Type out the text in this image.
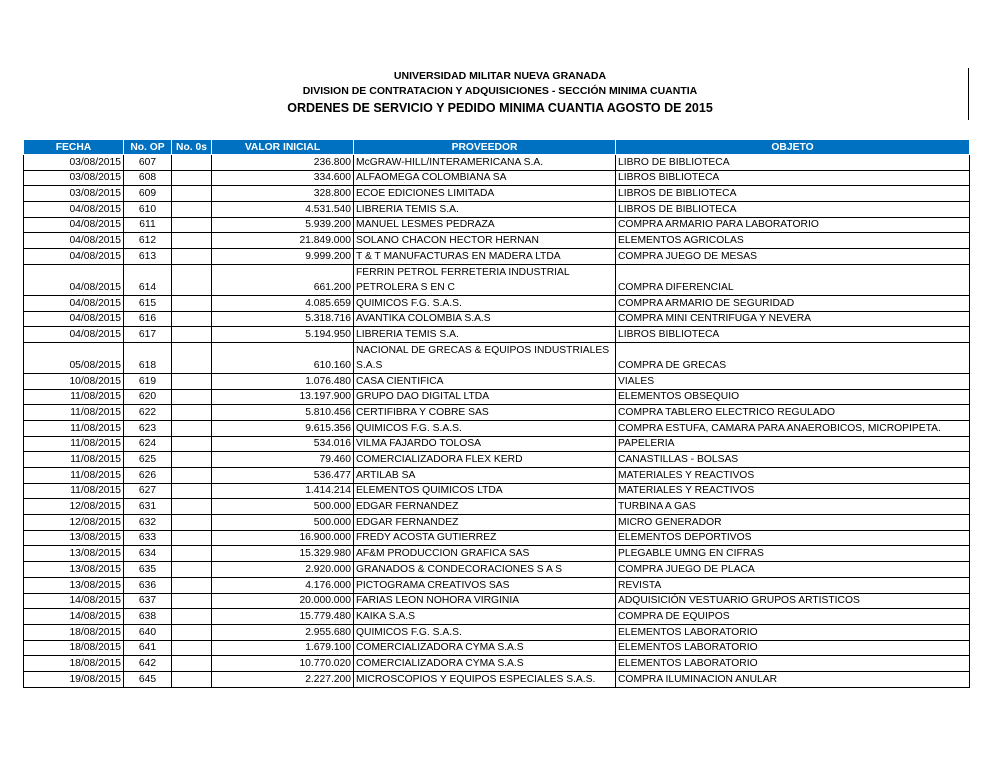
UNIVERSIDAD MILITAR NUEVA GRANADA
DIVISION DE CONTRATACION Y ADQUISICIONES - SECCIÓN MINIMA CUANTIA
ORDENES DE SERVICIO Y PEDIDO MINIMA CUANTIA AGOSTO DE 2015
FECHA	No. OP	No. 0s	VALOR INICIAL	PROVEEDOR	OBJETO
03/08/2015	607		236.800	McGRAW-HILL/INTERAMERICANA S.A.	LIBRO DE BIBLIOTECA
03/08/2015	608		334.600	ALFAOMEGA COLOMBIANA SA	LIBROS BIBLIOTECA
03/08/2015	609		328.800	ECOE EDICIONES LIMITADA	LIBROS DE BIBLIOTECA
04/08/2015	610		4.531.540	LIBRERIA TEMIS S.A.	LIBROS DE BIBLIOTECA
04/08/2015	611		5.939.200	MANUEL LESMES PEDRAZA	COMPRA ARMARIO PARA LABORATORIO
04/08/2015	612		21.849.000	SOLANO CHACON HECTOR HERNAN	ELEMENTOS AGRICOLAS
04/08/2015	613		9.999.200	T & T MANUFACTURAS EN MADERA LTDA	COMPRA JUEGO DE MESAS
04/08/2015	614		661.200	FERRIN PETROL FERRETERIA INDUSTRIAL PETROLERA S EN C	COMPRA DIFERENCIAL
04/08/2015	615		4.085.659	QUIMICOS F.G. S.A.S.	COMPRA ARMARIO DE SEGURIDAD
04/08/2015	616		5.318.716	AVANTIKA COLOMBIA S.A.S	COMPRA MINI CENTRIFUGA Y NEVERA
04/08/2015	617		5.194.950	LIBRERIA TEMIS S.A.	LIBROS BIBLIOTECA
05/08/2015	618		610.160	NACIONAL DE GRECAS & EQUIPOS INDUSTRIALES S.A.S	COMPRA DE GRECAS
10/08/2015	619		1.076.480	CASA CIENTIFICA	VIALES
11/08/2015	620		13.197.900	GRUPO DAO DIGITAL LTDA	ELEMENTOS OBSEQUIO
11/08/2015	622		5.810.456	CERTIFIBRA Y COBRE SAS	COMPRA TABLERO ELECTRICO REGULADO
11/08/2015	623		9.615.356	QUIMICOS F.G. S.A.S.	COMPRA ESTUFA, CAMARA PARA ANAEROBICOS, MICROPIPETA.
11/08/2015	624		534.016	VILMA FAJARDO TOLOSA	PAPELERIA
11/08/2015	625		79.460	COMERCIALIZADORA FLEX KERD	CANASTILLAS - BOLSAS
11/08/2015	626		536.477	ARTILAB SA	MATERIALES Y REACTIVOS
11/08/2015	627		1.414.214	ELEMENTOS QUIMICOS LTDA	MATERIALES Y REACTIVOS
12/08/2015	631		500.000	EDGAR FERNANDEZ	TURBINA A GAS
12/08/2015	632		500.000	EDGAR FERNANDEZ	MICRO GENERADOR
13/08/2015	633		16.900.000	FREDY ACOSTA GUTIERREZ	ELEMENTOS DEPORTIVOS
13/08/2015	634		15.329.980	AF&M PRODUCCION GRAFICA SAS	PLEGABLE UMNG EN CIFRAS
13/08/2015	635		2.920.000	GRANADOS & CONDECORACIONES S A S	COMPRA JUEGO DE PLACA
13/08/2015	636		4.176.000	PICTOGRAMA CREATIVOS SAS	REVISTA
14/08/2015	637		20.000.000	FARIAS LEON NOHORA VIRGINIA	ADQUISICIÓN VESTUARIO GRUPOS ARTISTICOS
14/08/2015	638		15.779.480	KAIKA S.A.S	COMPRA DE EQUIPOS
18/08/2015	640		2.955.680	QUIMICOS F.G. S.A.S.	ELEMENTOS LABORATORIO
18/08/2015	641		1.679.100	COMERCIALIZADORA CYMA S.A.S	ELEMENTOS LABORATORIO
18/08/2015	642		10.770.020	COMERCIALIZADORA CYMA S.A.S	ELEMENTOS LABORATORIO
19/08/2015	645		2.227.200	MICROSCOPIOS Y EQUIPOS ESPECIALES S.A.S.	COMPRA ILUMINACION ANULAR
